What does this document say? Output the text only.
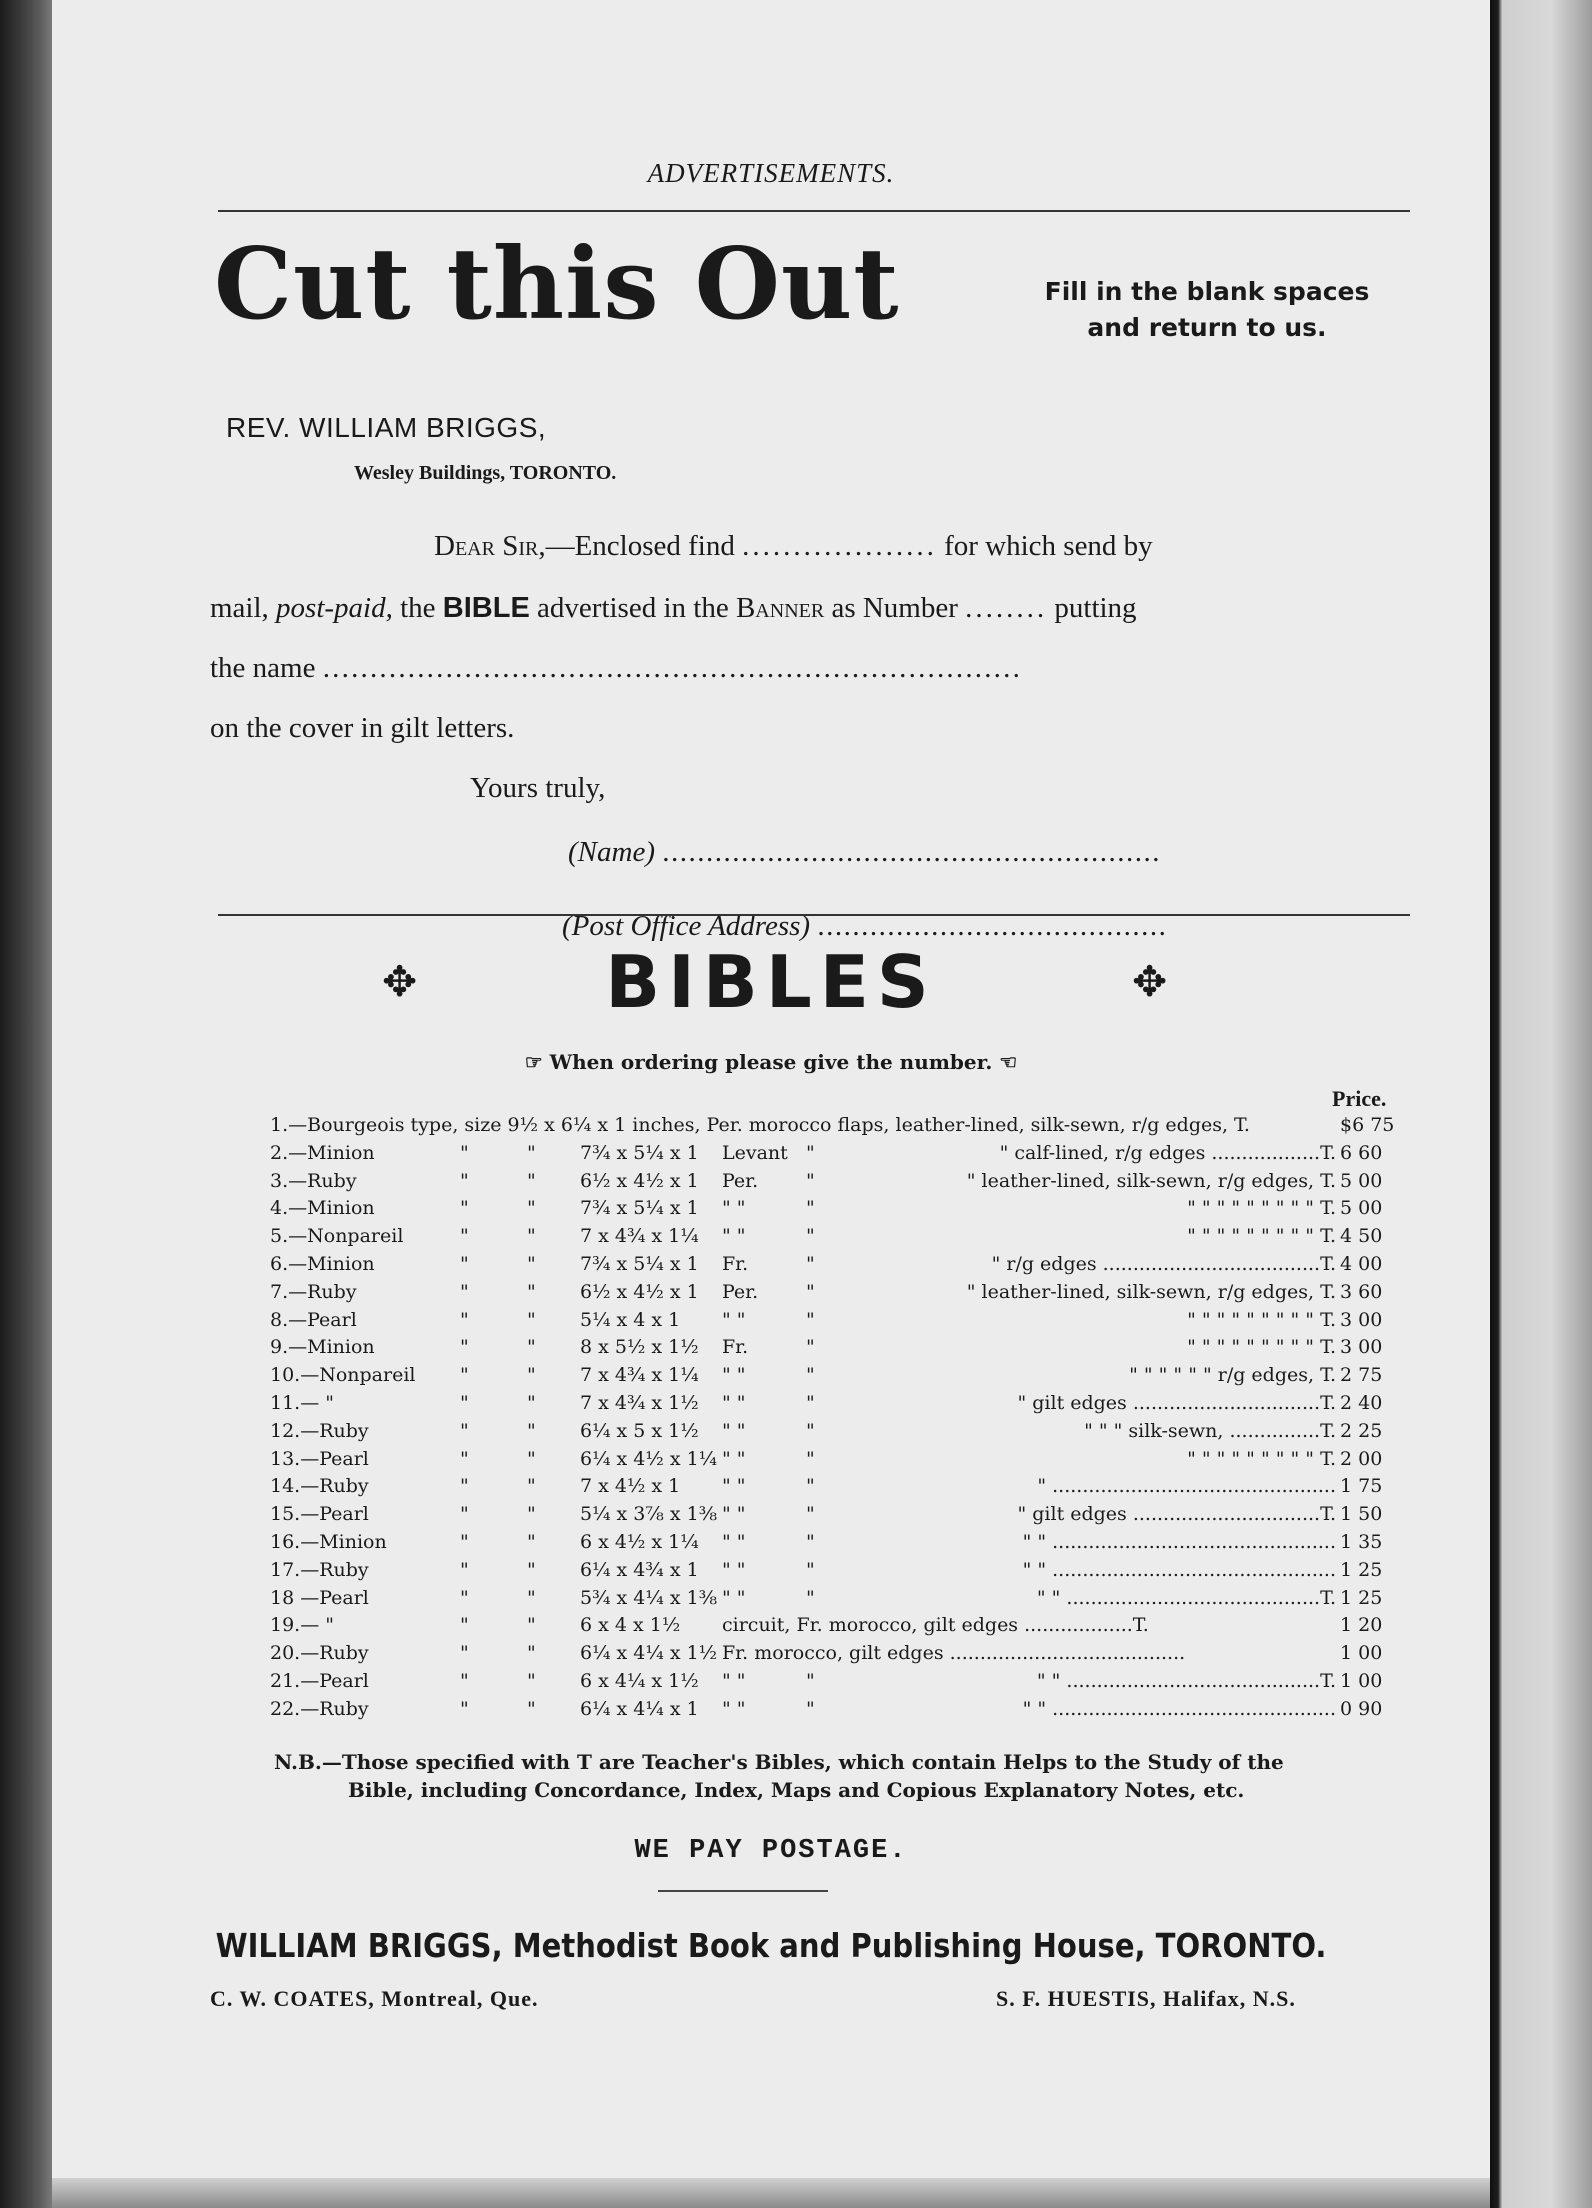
ADVERTISEMENTS.
Cut this Out	Fill in the blank spaces
and return to us.
REV. WILLIAM BRIGGS,
Wesley Buildings, TORONTO.
Dear Sir,—Enclosed find ................... for which send by
mail, post-paid, the BIBLE advertised in the Banner as Number ........ putting
the name ..........................................................................
on the cover in gilt letters.
Yours truly,
(Name) .........................................................
(Post Office Address) ........................................
✥	BIBLES	✥
☞ When ordering please give the number. ☜
Price.
1.—Bourgeois type, size 9½ x 6¼ x 1 inches, Per. morocco flaps, leather-lined, silk-sewn, r/g edges, T.	$6 75
2.—Minion	"	" 7¾ x 5¼ x 1 Levant "	" calf-lined, r/g edges ..................T. 6 60
3.—Ruby	"	" 6½ x 4½ x 1 Per.	"	" leather-lined, silk-sewn, r/g edges, T. 5 00
4.—Minion	"	" 7¾ x 5¼ x 1 " "	"	" " " " " " " " " T. 5 00
5.—Nonpareil	"	" 7 x 4¾ x 1¼ " "	"	" " " " " " " " " T. 4 50
6.—Minion	"	" 7¾ x 5¼ x 1 Fr.	"	" r/g edges ....................................T. 4 00
7.—Ruby	"	" 6½ x 4½ x 1 Per.	"	" leather-lined, silk-sewn, r/g edges, T. 3 60
8.—Pearl	"	" 5¼ x 4 x 1 " "	"	" " " " " " " " " T. 3 00
9.—Minion	"	" 8 x 5½ x 1½ Fr.	"	" " " " " " " " " T. 3 00
10.—Nonpareil "	" 7 x 4¾ x 1¼ " "	"	" " " " " " r/g edges, T. 2 75
11.— "	"	" 7 x 4¾ x 1½ " "	"	" gilt edges ...............................T. 2 40
12.—Ruby	"	" 6¼ x 5 x 1½ " "	"	" " " silk-sewn, ...............T. 2 25
13.—Pearl	"	" 6¼ x 4½ x 1¼ " "	"	" " " " " " " " " T. 2 00
14.—Ruby	"	" 7 x 4½ x 1 " "	"	" ............................................... 1 75
15.—Pearl	"	" 5¼ x 3⅞ x 1⅜ " "	"	" gilt edges ...............................T. 1 50
16.—Minion	"	" 6 x 4½ x 1¼ " "	"	" " ............................................... 1 35
17.—Ruby	"	" 6¼ x 4¾ x 1 " "	"	" " ............................................... 1 25
18 —Pearl	"	" 5¾ x 4¼ x 1⅜ " "	"	" " ..........................................T. 1 25
19.— "	"	" 6 x 4 x 1½ circuit, Fr. morocco, gilt edges ..................T.	1 20
20.—Ruby	"	" 6¼ x 4¼ x 1½ Fr. morocco, gilt edges .......................................	1 00
21.—Pearl	"	" 6 x 4¼ x 1½ " "	"	" " ..........................................T. 1 00
22.—Ruby	"	" 6¼ x 4¼ x 1 " "	"	" " ............................................... 0 90
N.B.—Those specified with T are Teacher's Bibles, which contain Helps to the Study of the
Bible, including Concordance, Index, Maps and Copious Explanatory Notes, etc.
WE PAY POSTAGE.
WILLIAM BRIGGS, Methodist Book and Publishing House, TORONTO.
C. W. COATES, Montreal, Que.	S. F. HUESTIS, Halifax, N.S.
